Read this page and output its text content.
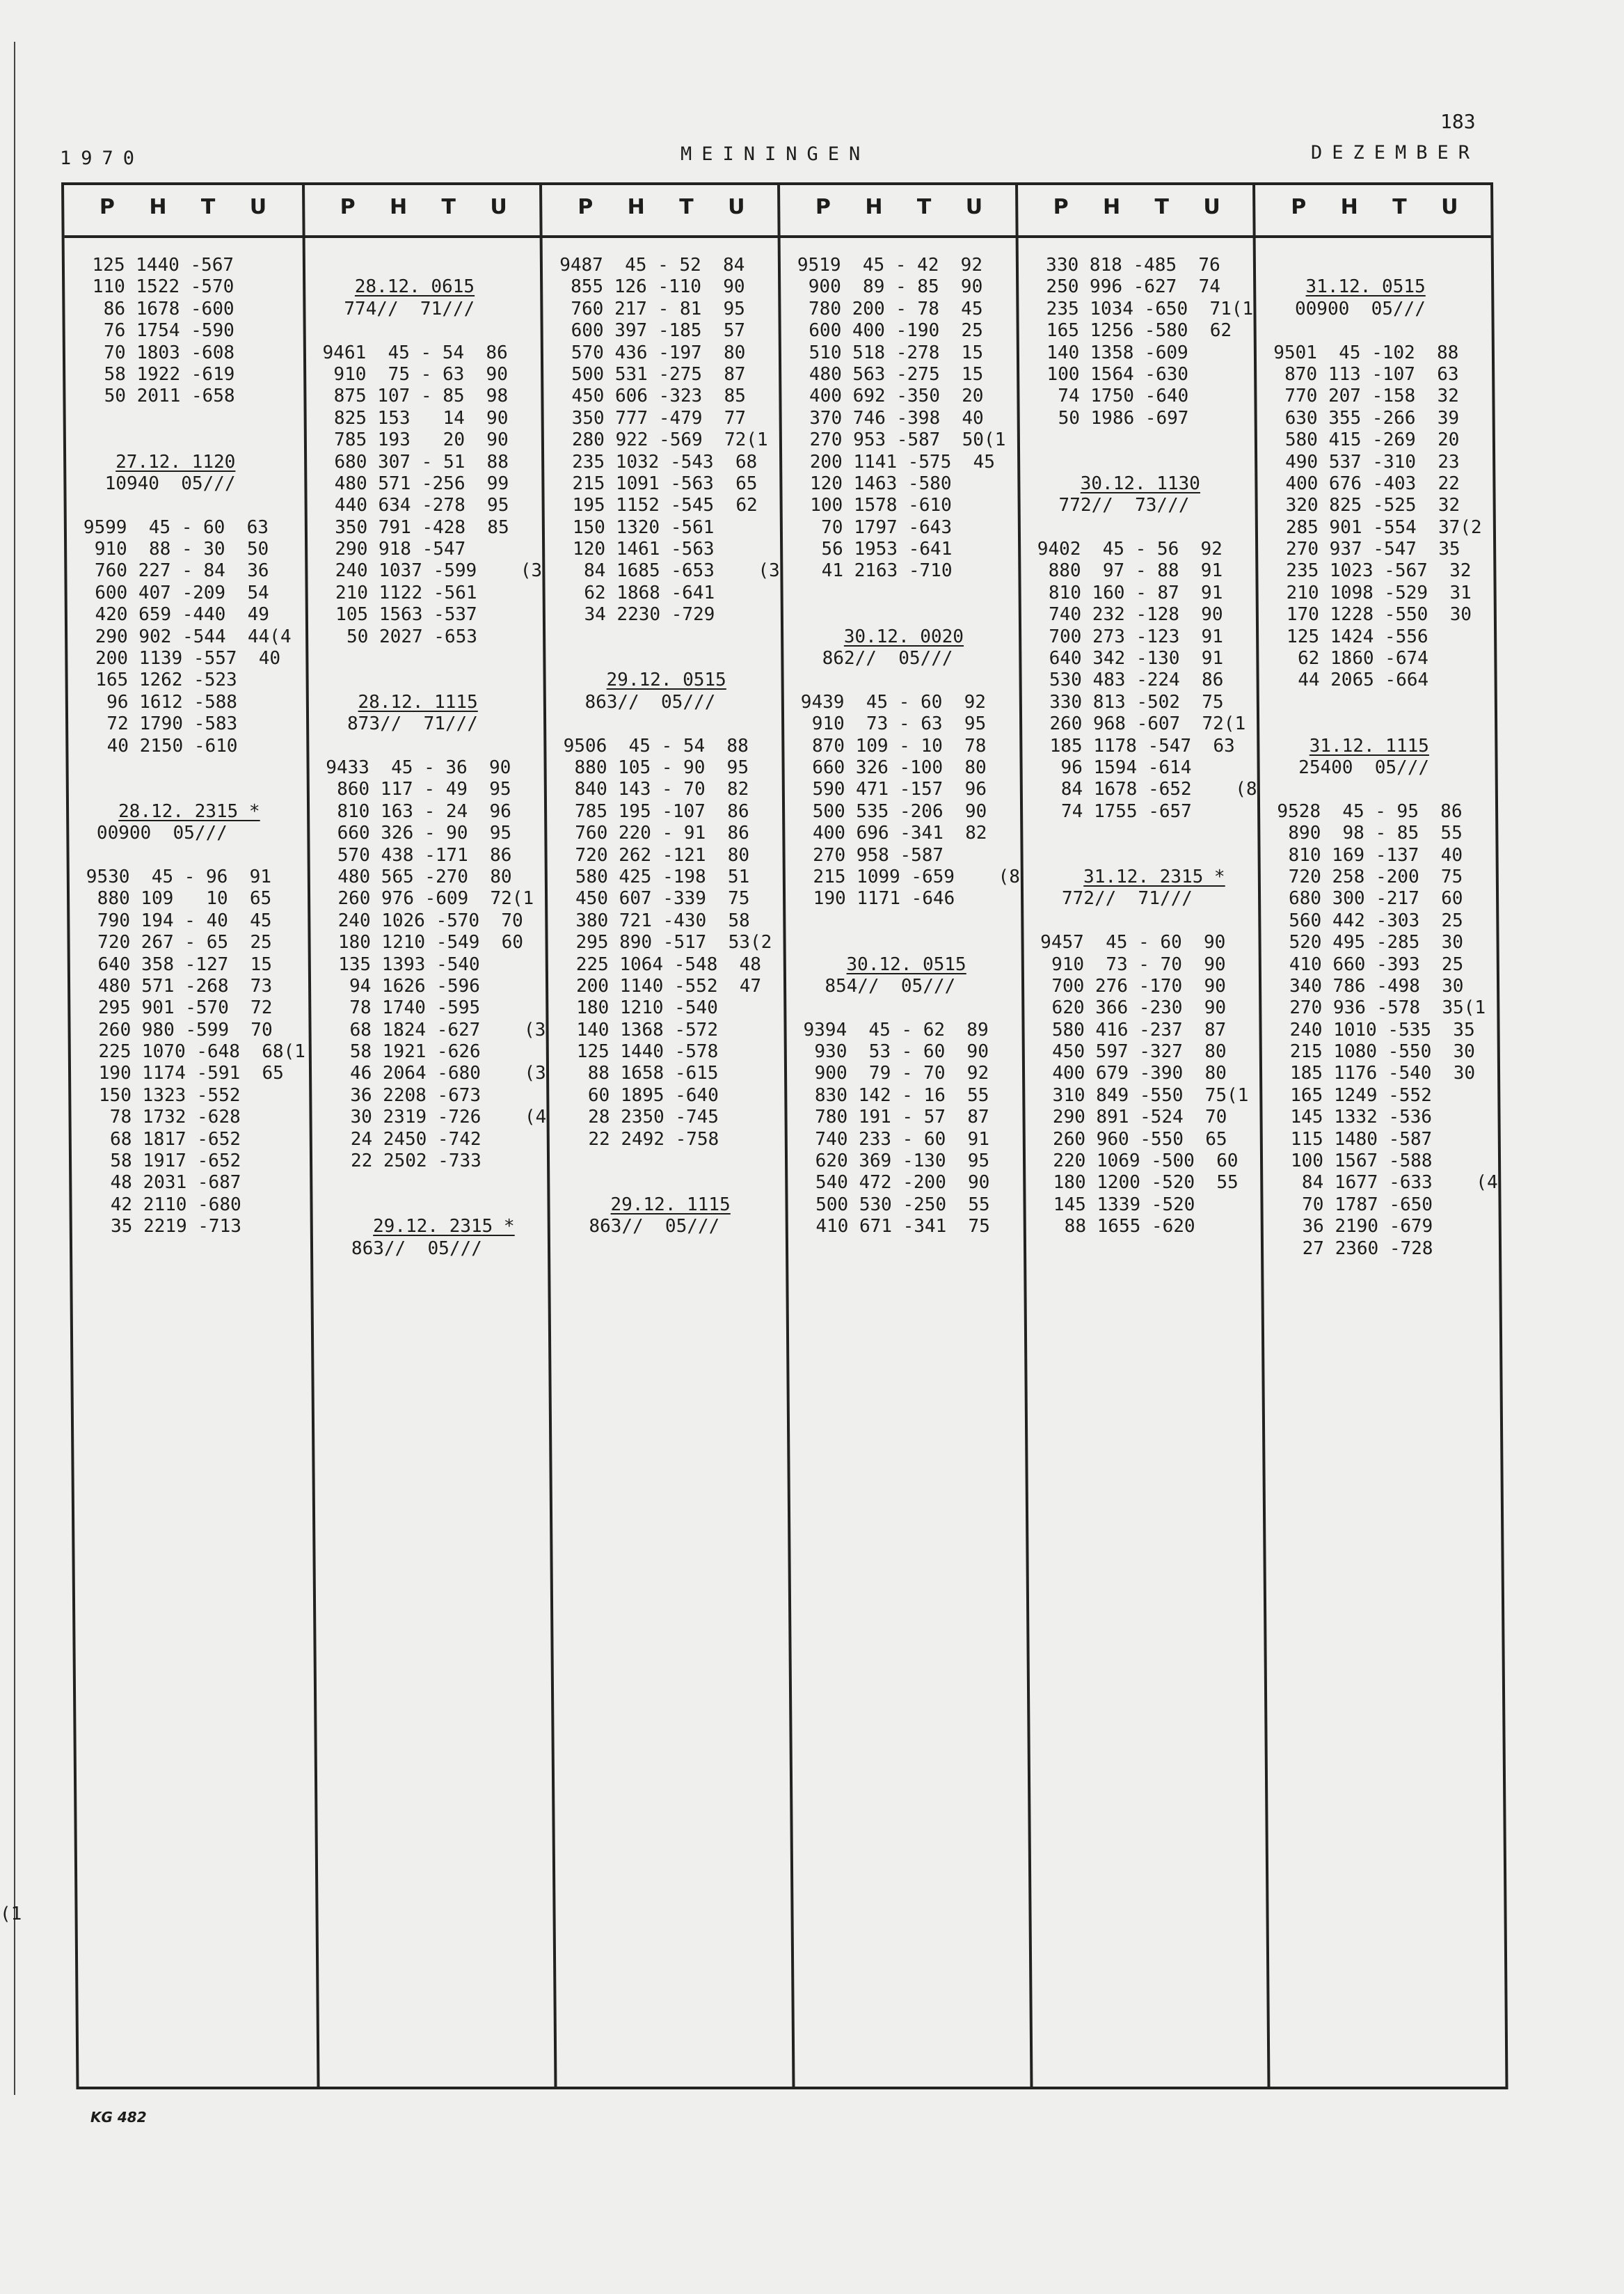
1970	MEININGEN	DEZEMBER
183
(1
P H T U
125 1440 -567
110 1522 -570
86 1678 -600
76 1754 -590
70 1803 -608
58 1922 -619
50 2011 -658
27.12. 1120
10940  05///
9599  45 - 60  63
910  88 - 30  50
760 227 - 84  36
600 407 -209  54
420 659 -440  49
290 902 -544  44(4
200 1139 -557  40
165 1262 -523
96 1612 -588
72 1790 -583
40 2150 -610
28.12. 2315 *
00900  05///
9530  45 - 96  91
880 109   10  65
790 194 - 40  45
720 267 - 65  25
640 358 -127  15
480 571 -268  73
295 901 -570  72
260 980 -599  70
225 1070 -648  68(1
190 1174 -591  65
150 1323 -552
78 1732 -628
68 1817 -652
58 1917 -652
48 2031 -687
42 2110 -680
35 2219 -713
P H T U
28.12. 0615
774//  71///
9461  45 - 54  86
910  75 - 63  90
875 107 - 85  98
825 153   14  90
785 193   20  90
680 307 - 51  88
480 571 -256  99
440 634 -278  95
350 791 -428  85
290 918 -547
240 1037 -599    (3
210 1122 -561
105 1563 -537
50 2027 -653
28.12. 1115
873//  71///
9433  45 - 36  90
860 117 - 49  95
810 163 - 24  96
660 326 - 90  95
570 438 -171  86
480 565 -270  80
260 976 -609  72(1
240 1026 -570  70
180 1210 -549  60
135 1393 -540
94 1626 -596
78 1740 -595
68 1824 -627    (3
58 1921 -626
46 2064 -680    (3
36 2208 -673
30 2319 -726    (4
24 2450 -742
22 2502 -733
29.12. 2315 *
863//  05///
P H T U
9487  45 - 52  84
855 126 -110  90
760 217 - 81  95
600 397 -185  57
570 436 -197  80
500 531 -275  87
450 606 -323  85
350 777 -479  77
280 922 -569  72(1
235 1032 -543  68
215 1091 -563  65
195 1152 -545  62
150 1320 -561
120 1461 -563
84 1685 -653    (3
62 1868 -641
34 2230 -729
29.12. 0515
863//  05///
9506  45 - 54  88
880 105 - 90  95
840 143 - 70  82
785 195 -107  86
760 220 - 91  86
720 262 -121  80
580 425 -198  51
450 607 -339  75
380 721 -430  58
295 890 -517  53(2
225 1064 -548  48
200 1140 -552  47
180 1210 -540
140 1368 -572
125 1440 -578
88 1658 -615
60 1895 -640
28 2350 -745
22 2492 -758
29.12. 1115
863//  05///
P H T U
9519  45 - 42  92
900  89 - 85  90
780 200 - 78  45
600 400 -190  25
510 518 -278  15
480 563 -275  15
400 692 -350  20
370 746 -398  40
270 953 -587  50(1
200 1141 -575  45
120 1463 -580
100 1578 -610
70 1797 -643
56 1953 -641
41 2163 -710
30.12. 0020
862//  05///
9439  45 - 60  92
910  73 - 63  95
870 109 - 10  78
660 326 -100  80
590 471 -157  96
500 535 -206  90
400 696 -341  82
270 958 -587
215 1099 -659    (8
190 1171 -646
30.12. 0515
854//  05///
9394  45 - 62  89
930  53 - 60  90
900  79 - 70  92
830 142 - 16  55
780 191 - 57  87
740 233 - 60  91
620 369 -130  95
540 472 -200  90
500 530 -250  55
410 671 -341  75
P H T U
330 818 -485  76
250 996 -627  74
235 1034 -650  71(1
165 1256 -580  62
140 1358 -609
100 1564 -630
74 1750 -640
50 1986 -697
30.12. 1130
772//  73///
9402  45 - 56  92
880  97 - 88  91
810 160 - 87  91
740 232 -128  90
700 273 -123  91
640 342 -130  91
530 483 -224  86
330 813 -502  75
260 968 -607  72(1
185 1178 -547  63
96 1594 -614
84 1678 -652    (8
74 1755 -657
31.12. 2315 *
772//  71///
9457  45 - 60  90
910  73 - 70  90
700 276 -170  90
620 366 -230  90
580 416 -237  87
450 597 -327  80
400 679 -390  80
310 849 -550  75(1
290 891 -524  70
260 960 -550  65
220 1069 -500  60
180 1200 -520  55
145 1339 -520
88 1655 -620
P H T U
31.12. 0515
00900  05///
9501  45 -102  88
870 113 -107  63
770 207 -158  32
630 355 -266  39
580 415 -269  20
490 537 -310  23
400 676 -403  22
320 825 -525  32
285 901 -554  37(2
270 937 -547  35
235 1023 -567  32
210 1098 -529  31
170 1228 -550  30
125 1424 -556
62 1860 -674
44 2065 -664
31.12. 1115
25400  05///
9528  45 - 95  86
890  98 - 85  55
810 169 -137  40
720 258 -200  75
680 300 -217  60
560 442 -303  25
520 495 -285  30
410 660 -393  25
340 786 -498  30
270 936 -578  35(1
240 1010 -535  35
215 1080 -550  30
185 1176 -540  30
165 1249 -552
145 1332 -536
115 1480 -587
100 1567 -588
84 1677 -633    (4
70 1787 -650
36 2190 -679
27 2360 -728
KG 482
